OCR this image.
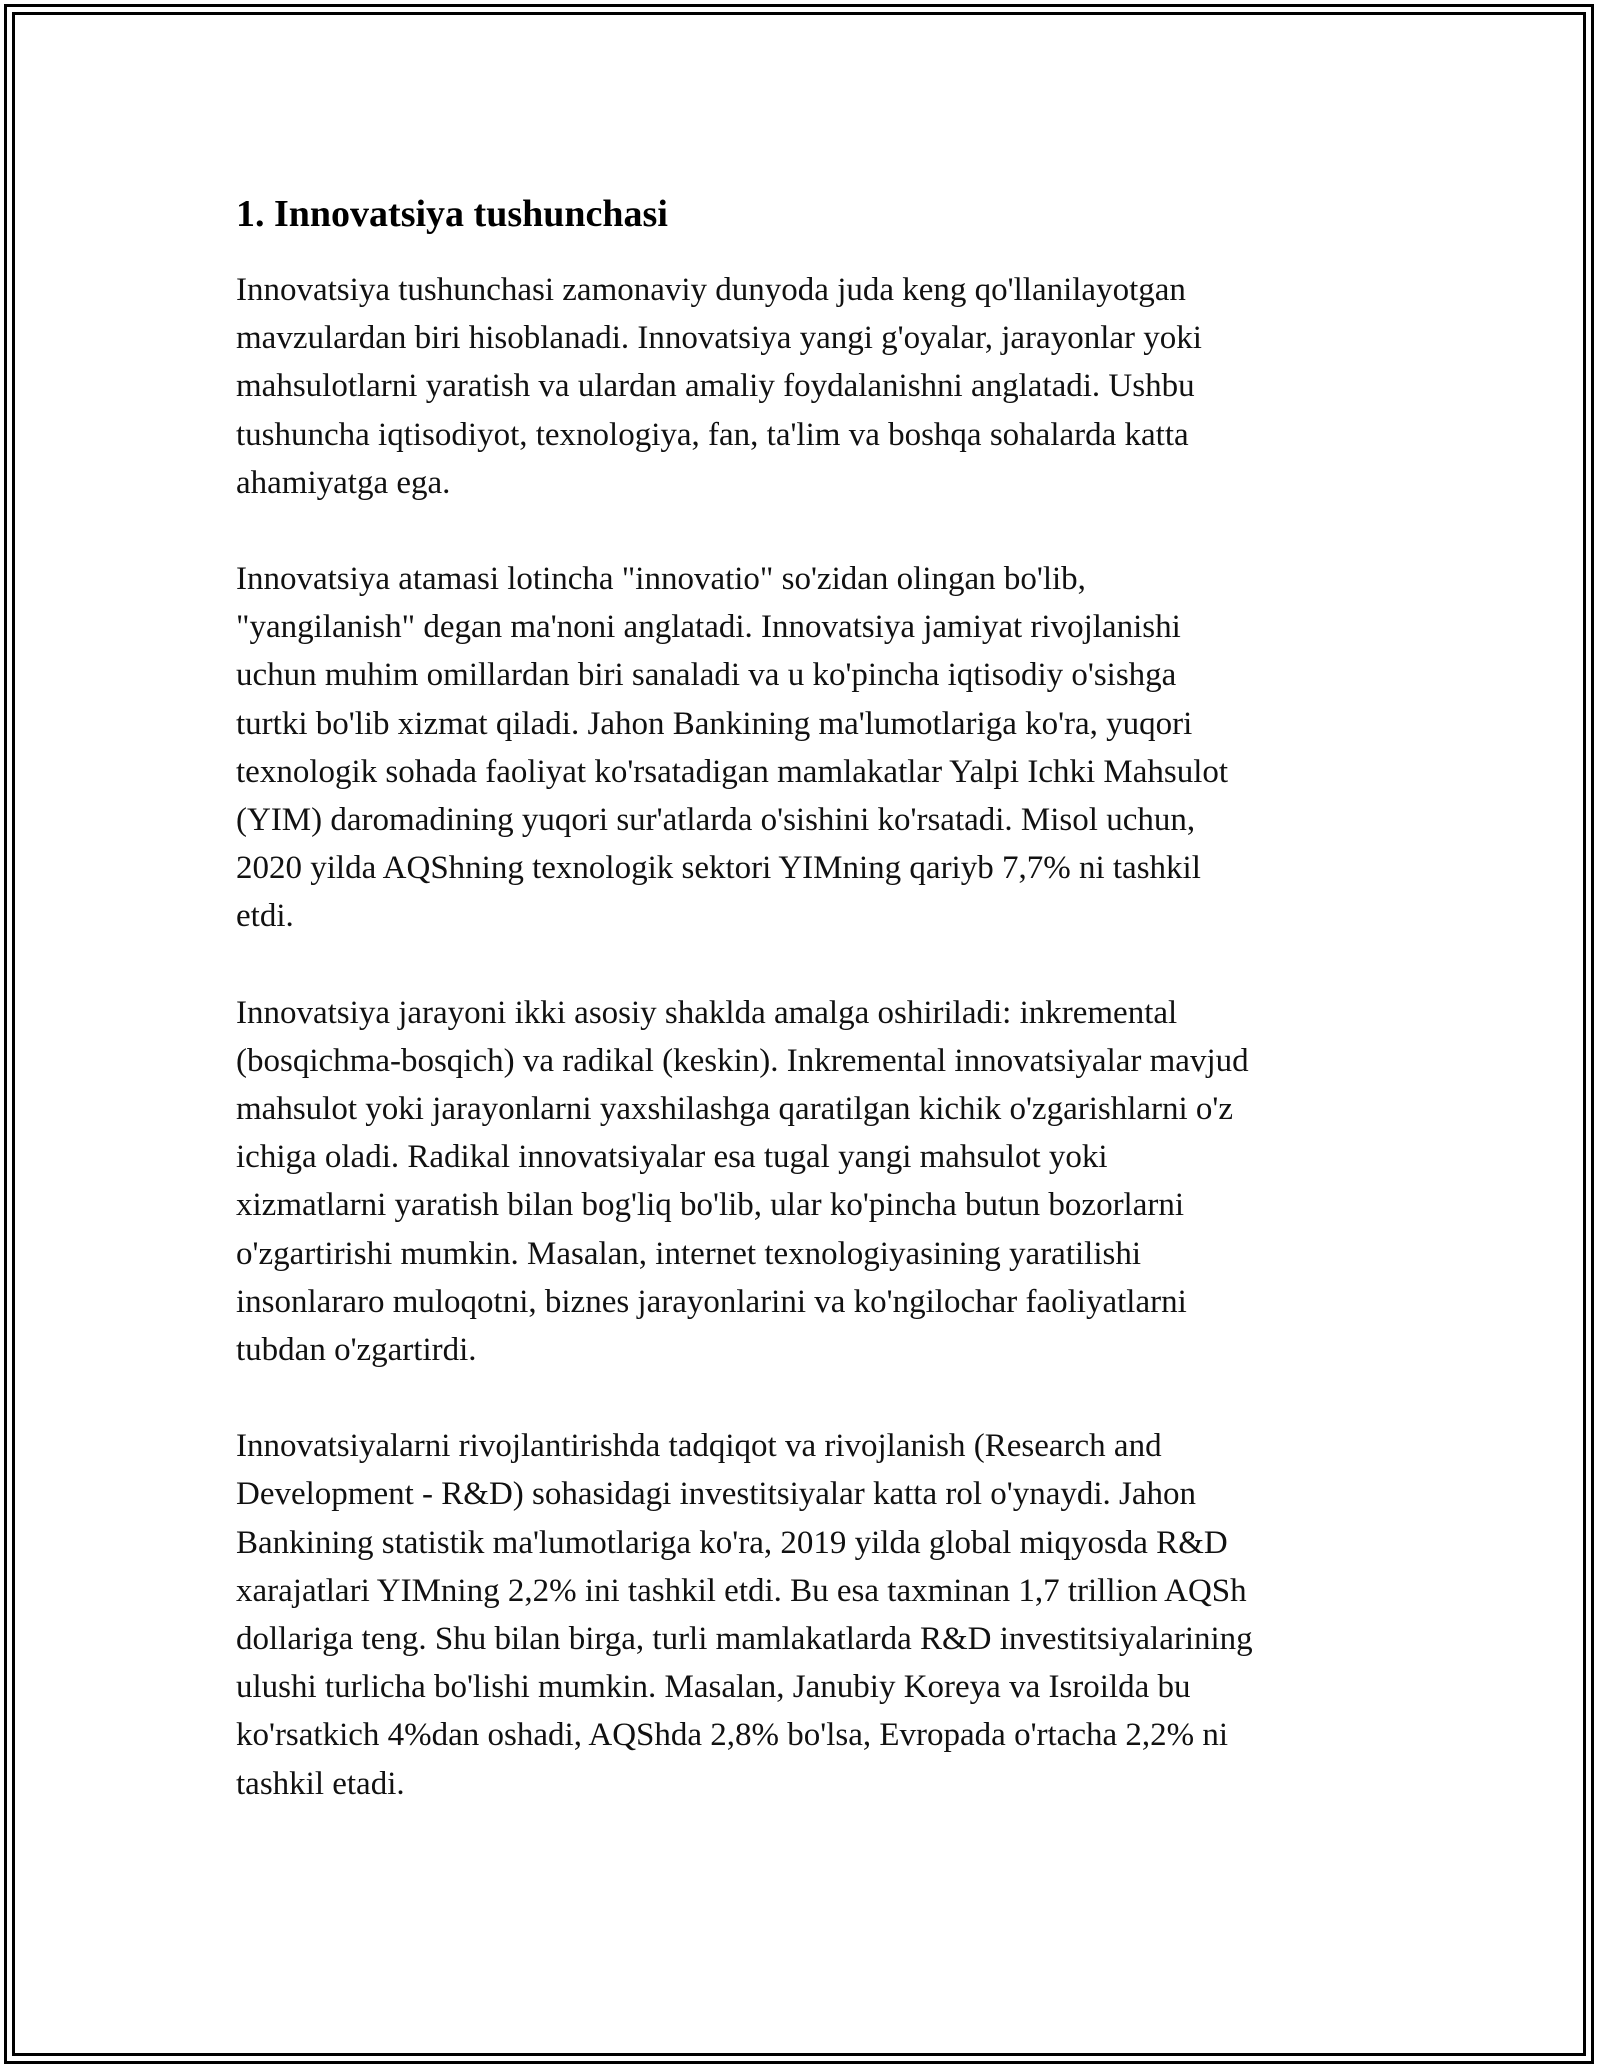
1. Innovatsiya tushunchasi

Innovatsiya tushunchasi zamonaviy dunyoda juda keng qo'llanilayotgan
mavzulardan biri hisoblanadi. Innovatsiya yangi g'oyalar, jarayonlar yoki
mahsulotlarni yaratish va ulardan amaliy foydalanishni anglatadi. Ushbu
tushuncha iqtisodiyot, texnologiya, fan, ta'lim va boshqa sohalarda katta
ahamiyatga ega.

Innovatsiya atamasi lotincha "innovatio" so'zidan olingan bo'lib,
"yangilanish" degan ma'noni anglatadi. Innovatsiya jamiyat rivojlanishi
uchun muhim omillardan biri sanaladi va u ko'pincha iqtisodiy o'sishga
turtki bo'lib xizmat qiladi. Jahon Bankining ma'lumotlariga ko'ra, yuqori
texnologik sohada faoliyat ko'rsatadigan mamlakatlar Yalpi Ichki Mahsulot
(YIM) daromadining yuqori sur'atlarda o'sishini ko'rsatadi. Misol uchun,
2020 yilda AQShning texnologik sektori YIMning qariyb 7,7% ni tashkil
etdi.

Innovatsiya jarayoni ikki asosiy shaklda amalga oshiriladi: inkremental
(bosqichma-bosqich) va radikal (keskin). Inkremental innovatsiyalar mavjud
mahsulot yoki jarayonlarni yaxshilashga qaratilgan kichik o'zgarishlarni o'z
ichiga oladi. Radikal innovatsiyalar esa tugal yangi mahsulot yoki
xizmatlarni yaratish bilan bog'liq bo'lib, ular ko'pincha butun bozorlarni
o'zgartirishi mumkin. Masalan, internet texnologiyasining yaratilishi
insonlararo muloqotni, biznes jarayonlarini va ko'ngilochar faoliyatlarni
tubdan o'zgartirdi.

Innovatsiyalarni rivojlantirishda tadqiqot va rivojlanish (Research and
Development - R&D) sohasidagi investitsiyalar katta rol o'ynaydi. Jahon
Bankining statistik ma'lumotlariga ko'ra, 2019 yilda global miqyosda R&D
xarajatlari YIMning 2,2% ini tashkil etdi. Bu esa taxminan 1,7 trillion AQSh
dollariga teng. Shu bilan birga, turli mamlakatlarda R&D investitsiyalarining
ulushi turlicha bo'lishi mumkin. Masalan, Janubiy Koreya va Isroilda bu
ko'rsatkich 4%dan oshadi, AQShda 2,8% bo'lsa, Evropada o'rtacha 2,2% ni
tashkil etadi.
